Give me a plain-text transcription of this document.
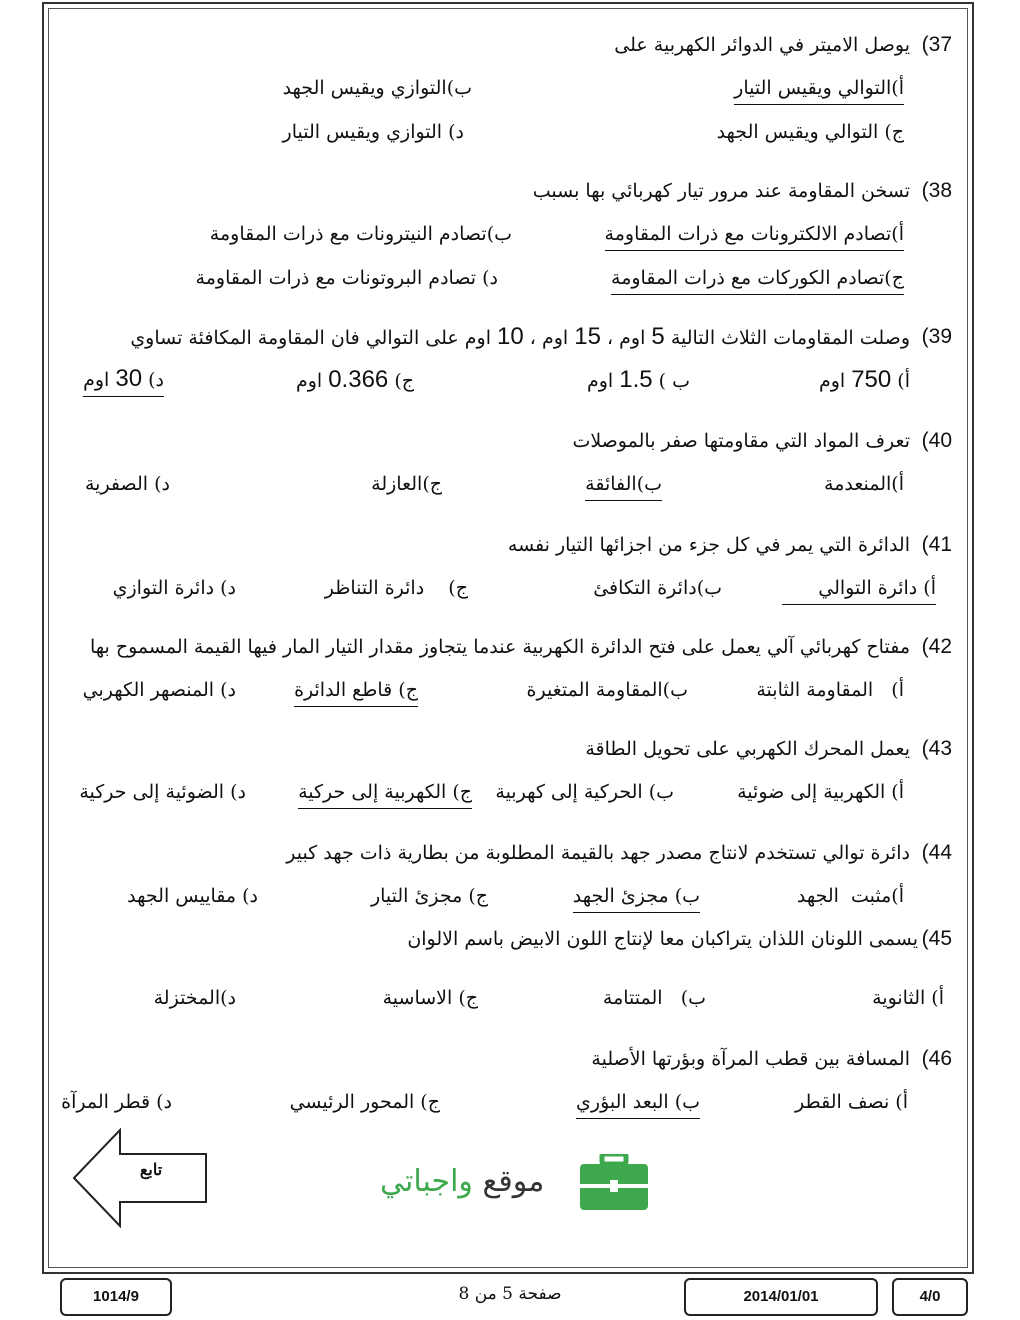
37)
يوصل الاميتر في الدوائر الكهربية على
أ)التوالي ويقيس التيار
ب)التوازي ويقيس الجهد
ج) التوالي ويقيس الجهد
د) التوازي ويقيس التيار
38)
تسخن المقاومة عند مرور تيار كهربائي بها بسبب
أ)تصادم الالكترونات مع ذرات المقاومة
ب)تصادم النيترونات مع ذرات المقاومة
ج)تصادم الكوركات مع ذرات المقاومة
د) تصادم البروتونات مع ذرات المقاومة
39)
وصلت المقاومات الثلاث التالية 5 اوم ، 15 اوم ، 10 اوم على التوالي فان المقاومة المكافئة تساوي
أ) 750 اوم
ب ) 1.5 اوم
ج) 0.366 اوم
د) 30 اوم
40)
تعرف المواد التي مقاومتها صفر بالموصلات
أ)المنعدمة
ب)الفائقة
ج)العازلة
د) الصفرية
41)
الدائرة التي يمر في كل جزء من اجزائها التيار نفسه
أ) دائرة التوالي
ب)دائرة التكافئ
ج)    دائرة التناظر
د) دائرة التوازي
42)
مفتاح كهربائي آلي يعمل على فتح الدائرة الكهربية عندما يتجاوز مقدار التيار المار فيها القيمة المسموح بها
أ)   المقاومة الثابتة
ب)المقاومة المتغيرة
ج) قاطع الدائرة
د) المنصهر الكهربي
43)
يعمل المحرك الكهربي على تحويل الطاقة
أ) الكهربية إلى ضوئية
ب) الحركية إلى كهربية
ج) الكهربية إلى حركية
د) الضوئية إلى حركية
44)
دائرة توالي تستخدم لانتاج مصدر جهد بالقيمة المطلوبة من بطارية ذات جهد كبير
أ)مثبت  الجهد
ب) مجزئ الجهد
ج) مجزئ التيار
د) مقاييس الجهد
45)
يسمى اللونان اللذان يتراكبان معا لإنتاج اللون الابيض باسم الالوان
أ) الثانوية
ب)   المتتامة
ج) الاساسية
د)المختزلة
46)
المسافة بين قطب المرآة وبؤرتها الأصلية
أ) نصف القطر
ب) البعد البؤري
ج) المحور الرئيسي
د) قطر المرآة
تابع	موقع واجباتي
1014/9	صفحة 5 من 8	2014/01/01	4/0
